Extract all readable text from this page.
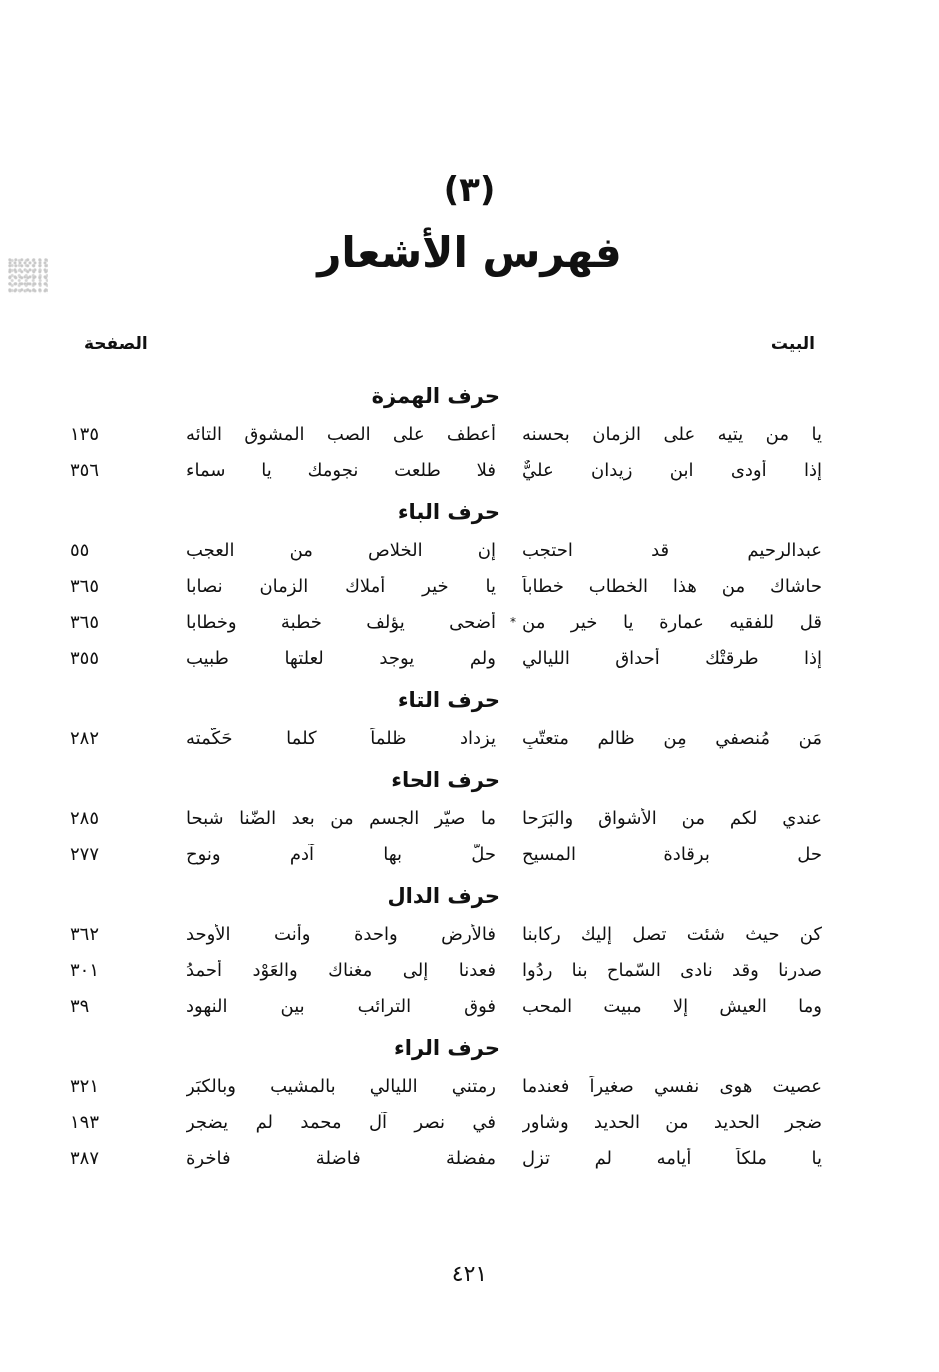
(٣)
فهرس الأشعار
البيت
الصفحة
حرف الهمزة
يا من يتيه على الزمان بحسنه
أعطف على الصب المشوق التائه
١٣٥
إذا أودى ابن زيدان عليٌّ
فلا طلعت نجومك يا سماء
٣٥٦
حرف الباء
عبدالرحيم قد احتجب
إن الخلاص من العجب
٥٥
حاشاك من هذا الخطاب خطاباً
يا خير أملاك الزمان نصابا
٣٦٥
قل للفقيه عمارة يا خير من
*
أضحى يؤلف خطبة وخطابا
٣٦٥
إذا طرقتْك أحداق الليالي
ولم يوجد لعلتها طبيب
٣٥٥
حرف التاء
مَن مُنصفي مِن ظالم متعتّبٍ
يزداد ظلماً كلما حَكّمته
٢٨٢
حرف الحاء
عندي لكم من الأشواق والبَرَحا
ما صيّر الجسم من بعد الضّنا شبحا
٢٨٥
حل برقادة المسيح
حلّ بها آدم ونوح
٢٧٧
حرف الدال
كن حيث شئت تصل إليك ركابنا
فالأرض واحدة وأنت الأوحد
٣٦٢
صدرنا وقد نادى السّماح بنا ردُوا
فعدنا إلى مغناك والعَوْد أحمدُ
٣٠١
وما العيش إلا مبيت المحب
فوق الترائب بين النهود
٣٩
حرف الراء
عصيت هوى نفسي صغيراً فعندما
رمتني الليالي بالمشيب وبالكبَرِ
٣٢١
ضجر الحديد من الحديد وشاور
في نصر آل محمد لم يضجر
١٩٣
يا ملكاً أيامه لم تزل
مفضلة فاضلة فاخرة
٣٨٧
٤٢١
